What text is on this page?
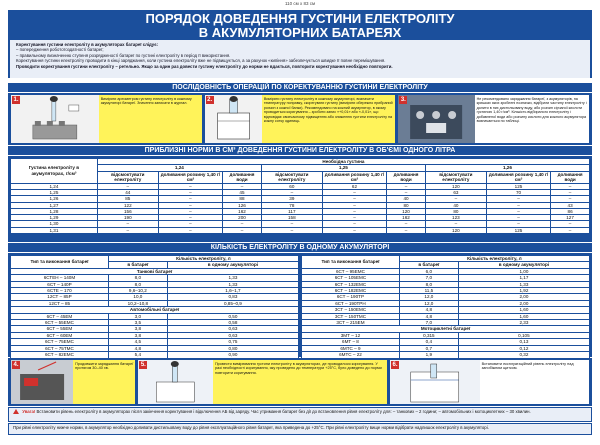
110 см х 83 см
ПОРЯДОК ДОВЕДЕННЯ ГУСТИНИ ЕЛЕКТРОЛІТУ
В АКУМУЛЯТОРНИХ БАТАРЕЯХ

Коректування густини електроліту в акумуляторах батареї слідує:

– попередження робототоздатності батареї;

– правильному визначенню ступеня розрядженості батареї по густині електроліту в період її використання.

Коректування густини електроліту проводити в кінці заряджання, коли густина електроліту вже не підвищується, а за рахунок «кипіння» забезпечується швидке її повне перемішування.

Проводити коректування густини електроліту – ретельно. Якщо за один раз довести густину електроліту до норми не вдається, повторити коректування необхідно повторити.

ПОСЛІДОВНІСТЬ ОПЕРАЦІЙ ПО КОРЕКТУВАННЮ ГУСТИНИ ЕЛЕКТРОЛІТУ
1.	Виміряти ареометром густину електроліту в кожному акумуляторі батареї. Значення записати в журнал.
2.	Виміряти густину електроліту в кожному акумуляторі, визначити температуру поправку, скорегувати густину (виміряти обережно прибраний розчин з кожної банки). Рекомендовано на кожний акумулятор, в якому проводиться коригування – зробити запис «+0,01» або «-0,01», що відповідає своєчасному підвищенню або зниженню густини електроліту на кожну сотку одиниць.
3.	Не рекомендовано заряджання батареї, з акумуляторів, на кришках яких зроблені позначки, відібрати частину електроліту і долити в них дистильовану воду, або розчин сірчаної кислоти густиною 1,40 г/см³. Кількість відбираного електроліту і добавленої води або розчину кислоти для кожного акумулятора визначається по таблиці.
ПРИБЛИЗНІ НОРМИ В СМ³ ДОВЕДЕННЯ ГУСТИНИ ЕЛЕКТРОЛІТУ В ОБ'ЄМІ ОДНОГО ЛІТРА
Густина електроліту в акумуляторах, г/см³	Необхідна густина								
	1,24			1,25			1,26		
	відсмоктувати електроліту	доливання розчину 1,40 г/см³	доливання води	відсмоктувати електроліту	доливання розчину 1,40 г/см³	доливання води	відсмоктувати електроліту	доливання розчину 1,40 г/см³	доливання води
1,24	–	–	–	60	62	–	120	125	–
1,25	44	–	45	–	–	–	63	70	–
1,26	85	–	88	39	–	40	–	–	–
1,27	122	–	126	78	–	80	40	–	43
1,28	156	–	162	117	–	120	80	–	86
1,29	190	–	200	158	–	162	123	–	127
1,30	–	–	–	–	–	–	–	–	–
1,31	–	–	–	–	–	–	120	125	–
КІЛЬКІСТЬ ЕЛЕКТРОЛІТУ В ОДНОМУ АКУМУЛЯТОРІ
Тип та виконання батареї	Кількість електроліту, л	
	в батареї	в одному акумуляторі
Танкові батареї		
6СТЕН – 140М	8,0	1,33
6СТ – 140Р	8,0	1,33
6СТЕ – 170	9,6–10,2	1,6–1,7
12СТ – 85Р	10,0	0,83
12СТ – 85	10,2–10,8	0,85–0,9
Автомобільні батареї		
6СТ – 45ЕМ	3,0	0,50
6СТ – 55ЕМС	3,5	0,58
6СТ – 55ЕМ	3,8	0,63
6СТ – 60ЕМ	3,8	0,63
6СТ – 75ЕМС	4,5	0,75
6СТ – 75ТМС	4,8	0,80
6СТ – 82ЕМС	5,4	0,90
Тип та виконання батареї	Кількість електроліту, л	
	в батареї	в одному акумуляторі
6СТ – 95ЕМС	6,0	1,00
6СТ – 105ЕМС	7,0	1,17
6СТ – 132ЕМС	8,0	1,33
6СТ – 182ЕМС	11,5	1,92
6СТ – 190ТР	12,0	2,00
6СТ – 190ТРН	12,0	2,00
3СТ – 150ЕМС	4,8	1,60
3СТ – 150ТМС	4,8	1,60
3СТ – 215ЕМ	7,0	2,33
Мотоциклетні батареї		
3МТ – 12	0,315	0,105
6МТ – 8	0,4	0,13
6МТС – 9	0,7	0,12
6МТС – 22	1,9	0,32
4.	Продовжити заряджання батареї протягом 30–40 хв.
5.	Провести вимірювання густини електроліту в акумуляторах, де проводилося коригування. У разі необхідності коригування, яку проведено до температури +25°С, було доведено до норми повторити коригування.
6.	Встановити експлуатаційний рівень електроліту над запобіжним щитком.
Увага! Встановити рівень електроліту в акумуляторах після закінчення коректування і відключення АБ від заряду. Час утримання батареї без дії до встановлення рівня електроліту для: – танкових – 2 години; – автомобільних і мотоциклетних – 30 хвилин.
При рівні електроліту нижче норми, в акумулятор необхідно доливати дистильовану воду до рівня експлуатаційного рівня батареї, яка приведена до +25°С. При рівні електроліту вище норми відібрати надлишок електроліту в акумуляторі.
